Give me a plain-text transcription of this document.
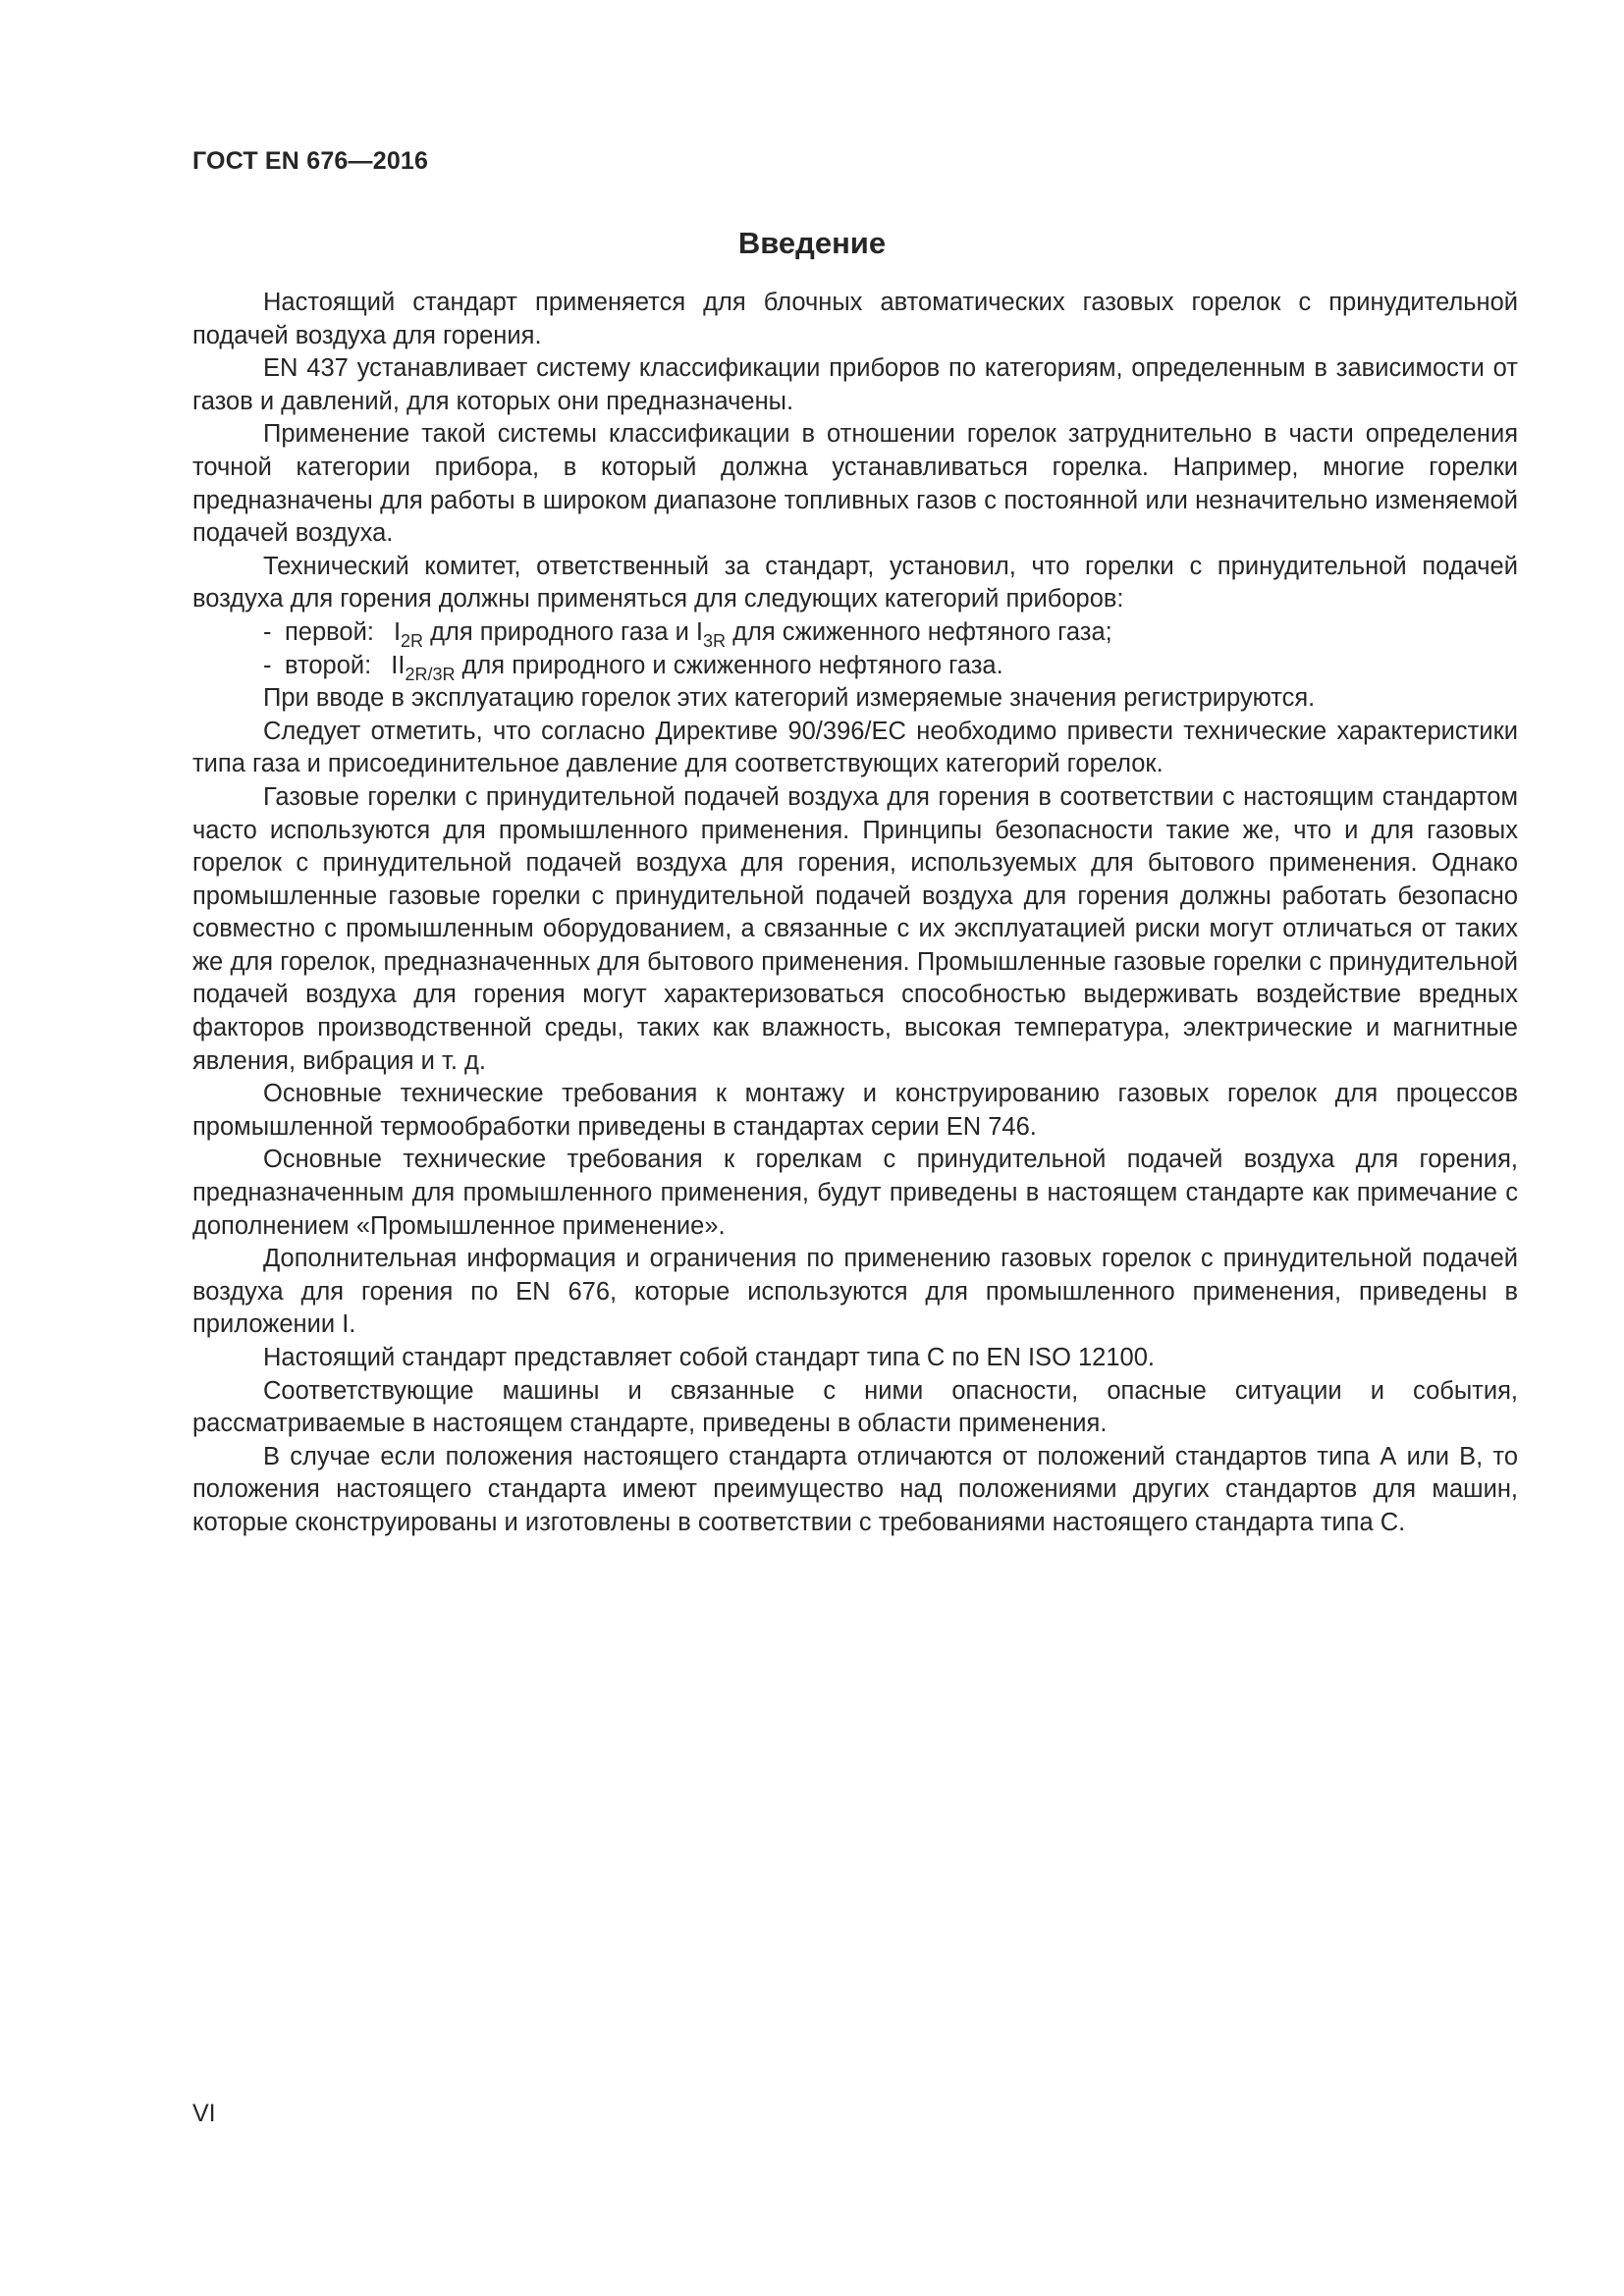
ГОСТ EN 676—2016
Введение

Настоящий стандарт применяется для блочных автоматических газовых горелок с принудительной подачей воздуха для горения.

EN 437 устанавливает систему классификации приборов по категориям, определенным в зависимости от газов и давлений, для которых они предназначены.

Применение такой системы классификации в отношении горелок затруднительно в части определения точной категории прибора, в который должна устанавливаться горелка. Например, многие горелки предназначены для работы в широком диапазоне топливных газов с постоянной или незначительно изменяемой подачей воздуха.

Технический комитет, ответственный за стандарт, установил, что горелки с принудительной подачей воздуха для горения должны применяться для следующих категорий приборов:

- первой: $I_{2R}$ для природного газа и $I_{3R}$ для сжиженного нефтяного газа;
- второй: $II_{2R/3R}$ для природного и сжиженного нефтяного газа.

При вводе в эксплуатацию горелок этих категорий измеряемые значения регистрируются.

Следует отметить, что согласно Директиве 90/396/ЕС необходимо привести технические характеристики типа газа и присоединительное давление для соответствующих категорий горелок.

Газовые горелки с принудительной подачей воздуха для горения в соответствии с настоящим стандартом часто используются для промышленного применения. Принципы безопасности такие же, что и для газовых горелок с принудительной подачей воздуха для горения, используемых для бытового применения. Однако промышленные газовые горелки с принудительной подачей воздуха для горения должны работать безопасно совместно с промышленным оборудованием, а связанные с их эксплуатацией риски могут отличаться от таких же для горелок, предназначенных для бытового применения. Промышленные газовые горелки с принудительной подачей воздуха для горения могут характеризоваться способностью выдерживать воздействие вредных факторов производственной среды, таких как влажность, высокая температура, электрические и магнитные явления, вибрация и т. д.

Основные технические требования к монтажу и конструированию газовых горелок для процессов промышленной термообработки приведены в стандартах серии EN 746.

Основные технические требования к горелкам с принудительной подачей воздуха для горения, предназначенным для промышленного применения, будут приведены в настоящем стандарте как примечание с дополнением «Промышленное применение».

Дополнительная информация и ограничения по применению газовых горелок с принудительной подачей воздуха для горения по EN 676, которые используются для промышленного применения, приведены в приложении I.

Настоящий стандарт представляет собой стандарт типа С по EN ISO 12100.

Соответствующие машины и связанные с ними опасности, опасные ситуации и события, рассматриваемые в настоящем стандарте, приведены в области применения.

В случае если положения настоящего стандарта отличаются от положений стандартов типа А или В, то положения настоящего стандарта имеют преимущество над положениями других стандартов для машин, которые сконструированы и изготовлены в соответствии с требованиями настоящего стандарта типа С.

VI
